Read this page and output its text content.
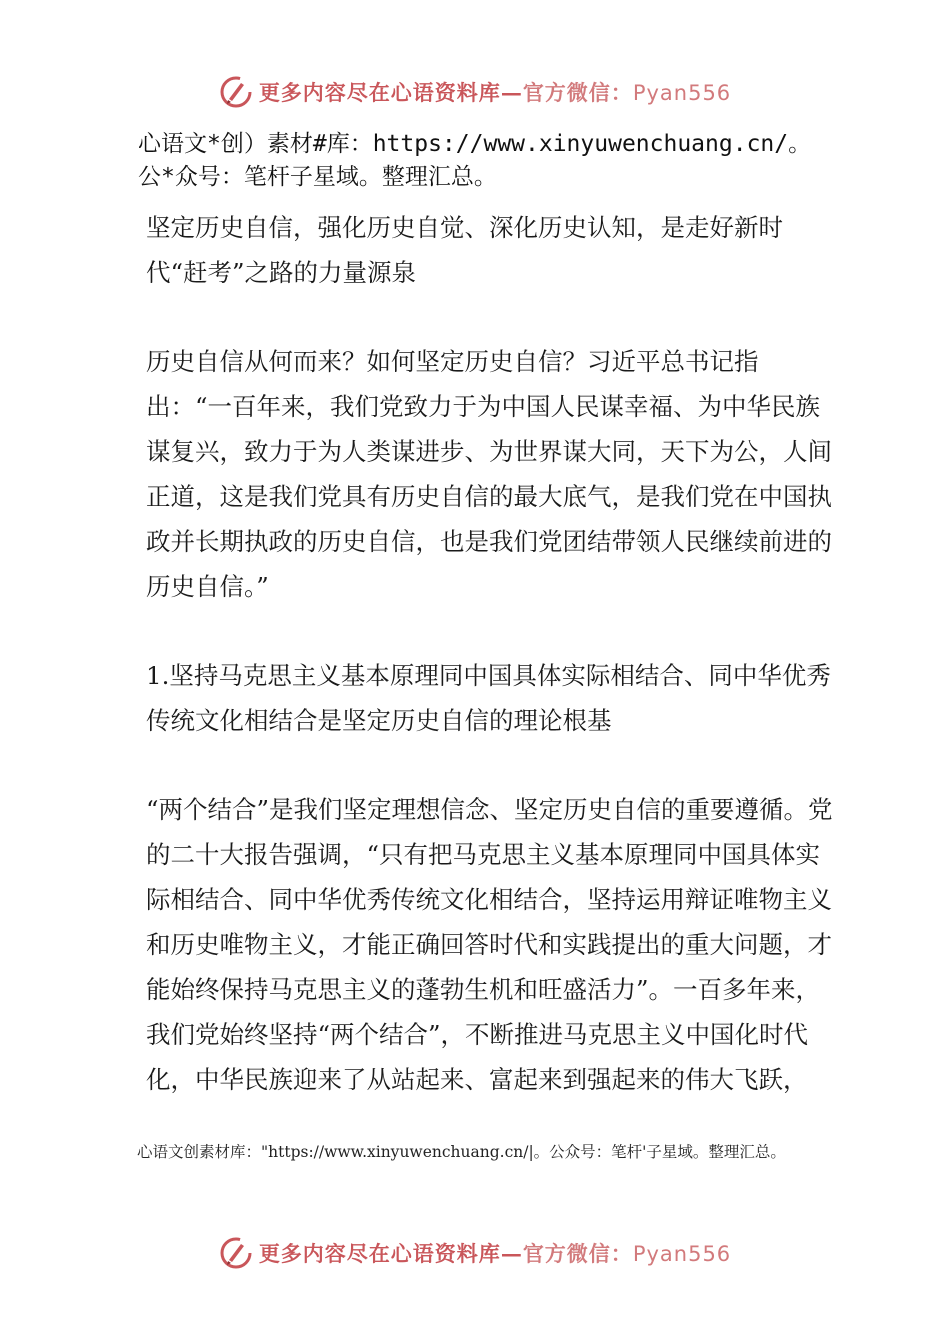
更多内容尽在心语资料库—官方微信：Pyan556
心语文*创）素材#库：https://www.xinyuwenchuang.cn/。
公*众号：笔杆子星域。整理汇总。

坚定历史自信，强化历史自觉、深化历史认知，是走好新时代“赶考”之路的力量源泉

历史自信从何而来？如何坚定历史自信？习近平总书记指出：“一百年来，我们党致力于为中国人民谋幸福、为中华民族谋复兴，致力于为人类谋进步、为世界谋大同，天下为公，人间正道，这是我们党具有历史自信的最大底气，是我们党在中国执政并长期执政的历史自信，也是我们党团结带领人民继续前进的历史自信。”

1.坚持马克思主义基本原理同中国具体实际相结合、同中华优秀传统文化相结合是坚定历史自信的理论根基

“两个结合”是我们坚定理想信念、坚定历史自信的重要遵循。党的二十大报告强调，“只有把马克思主义基本原理同中国具体实际相结合、同中华优秀传统文化相结合，坚持运用辩证唯物主义和历史唯物主义，才能正确回答时代和实践提出的重大问题，才能始终保持马克思主义的蓬勃生机和旺盛活力”。一百多年来，我们党始终坚持“两个结合”，不断推进马克思主义中国化时代化，中华民族迎来了从站起来、富起来到强起来的伟大飞跃，

心语文创素材库："https://www.xinyuwenchuang.cn/|。公众号：笔杆'子星域。整理汇总。
更多内容尽在心语资料库—官方微信：Pyan556
